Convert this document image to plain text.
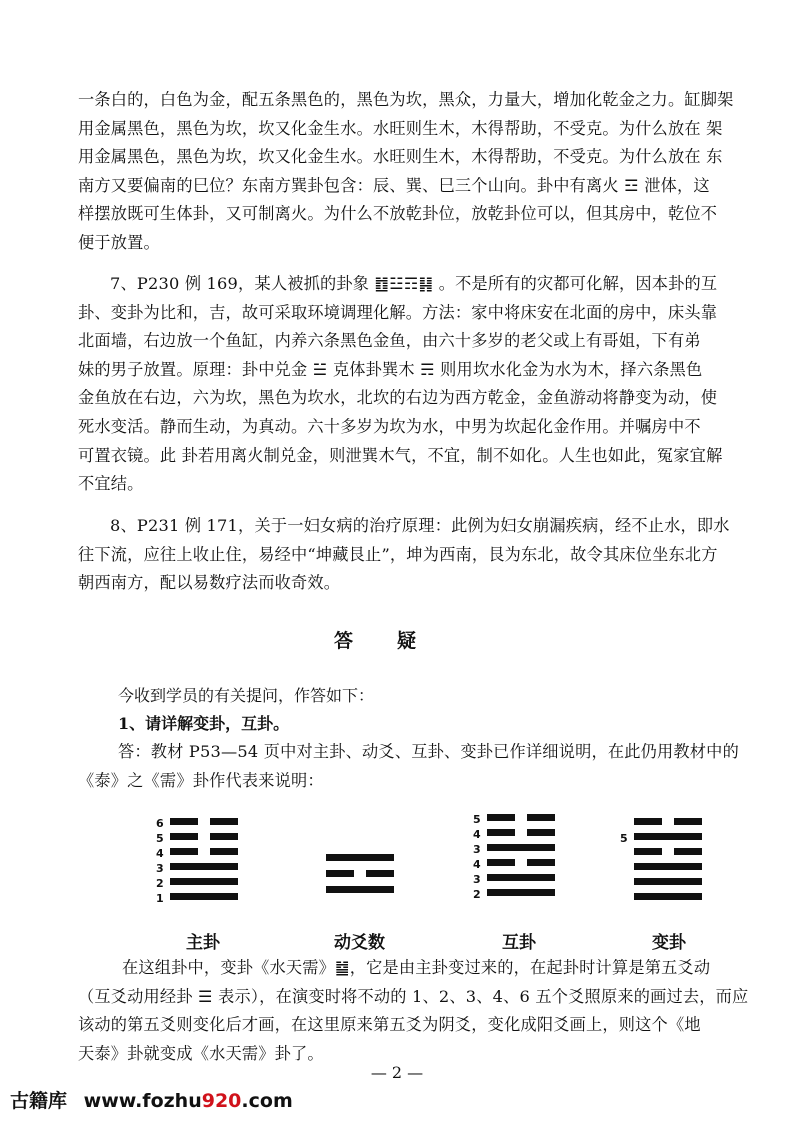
一条白的，白色为金，配五条黑色的，黑色为坎，黑众，力量大，增加化乾金之力。缸脚架
用金属黑色，黑色为坎，坎又化金生水。水旺则生木，木得帮助，不受克。为什么放在 架
用金属黑色，黑色为坎，坎又化金生水。水旺则生木，木得帮助，不受克。为什么放在 东
南方又要偏南的巳位？东南方巽卦包含：辰、巽、巳三个山向。卦中有离火 ☲ 泄体，这
样摆放既可生体卦，又可制离火。为什么不放乾卦位，放乾卦位可以，但其房中，乾位不
便于放置。
7、P230 例 169，某人被抓的卦象 ䷂☳☶䷎ 。不是所有的灾都可化解，因本卦的互
卦、变卦为比和，吉，故可采取环境调理化解。方法：家中将床安在北面的房中，床头靠
北面墙，右边放一个鱼缸，内养六条黑色金鱼，由六十多岁的老父或上有哥姐，下有弟
妹的男子放置。原理：卦中兑金 ☱ 克体卦巽木 ☴ 则用坎水化金为水为木，择六条黑色
金鱼放在右边，六为坎，黑色为坎水，北坎的右边为西方乾金，金鱼游动将静变为动，使
死水变活。静而生动，为真动。六十多岁为坎为水，中男为坎起化金作用。并嘱房中不
可置衣镜。此 卦若用离火制兑金，则泄巽木气，不宜，制不如化。人生也如此，冤家宜解
不宜结。
8、P231 例 171，关于一妇女病的治疗原理：此例为妇女崩漏疾病，经不止水，即水
往下流，应往上收止住，易经中“坤藏艮止”，坤为西南，艮为东北，故令其床位坐东北方
朝西南方，配以易数疗法而收奇效。
答疑
今收到学员的有关提问，作答如下：
1、请详解变卦，互卦。
答：教材 P53—54 页中对主卦、动爻、互卦、变卦已作详细说明，在此仍用教材中的
《泰》之《需》卦作代表来说明：
6
5
4
3
2
1
5
4
3
4
3
2
5
主卦	动爻数	互卦	变卦
在这组卦中，变卦《水天需》䷄，它是由主卦变过来的，在起卦时计算是第五爻动
（互爻动用经卦 ☰ 表示），在演变时将不动的 1、2、3、4、6 五个爻照原来的画过去，而应
该动的第五爻则变化后才画，在这里原来第五爻为阴爻，变化成阳爻画上，则这个《地
天泰》卦就变成《水天需》卦了。
— 2 —
古籍库 www.fozhu920.com
